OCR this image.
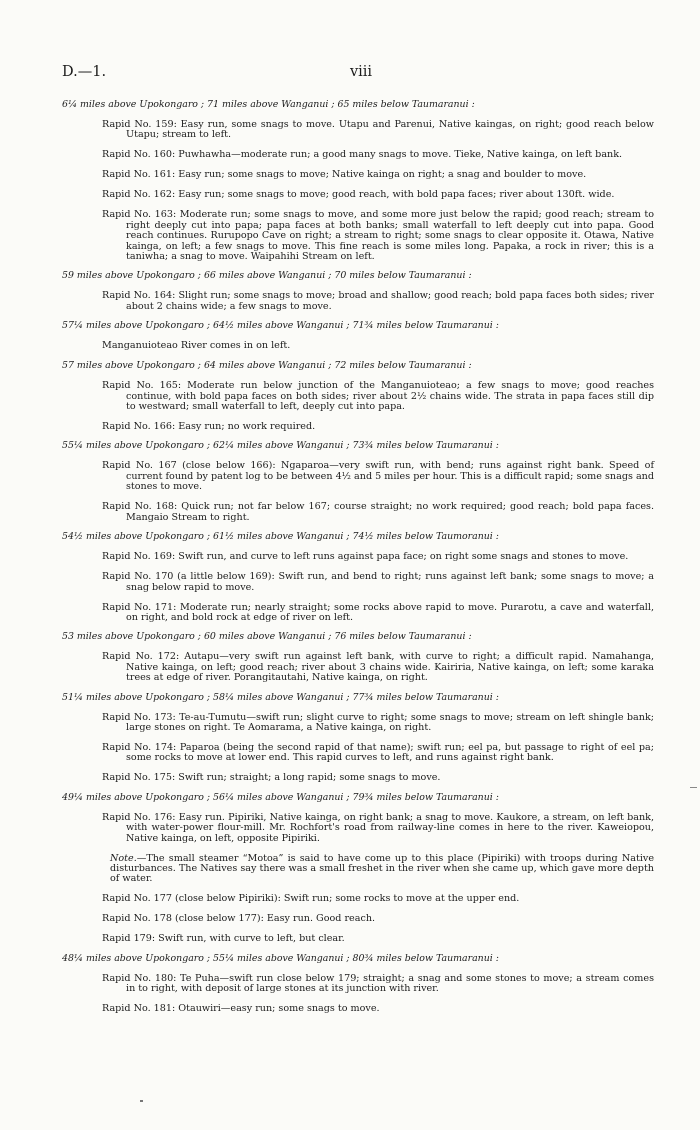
D.—1.	viii
6¼ miles above Upokongaro ; 71 miles above Wanganui ; 65 miles below Taumaranui :

Rapid No. 159: Easy run, some snags to move. Utapu and Parenui, Native kaingas, on right; good reach below Utapu; stream to left.

Rapid No. 160: Puwhawha—moderate run; a good many snags to move. Tieke, Native kainga, on left bank.

Rapid No. 161: Easy run; some snags to move; Native kainga on right; a snag and boulder to move.

Rapid No. 162: Easy run; some snags to move; good reach, with bold papa faces; river about 130ft. wide.

Rapid No. 163: Moderate run; some snags to move, and some more just below the rapid; good reach; stream to right deeply cut into papa; papa faces at both banks; small waterfall to left deeply cut into papa. Good reach continues. Rurupopo Cave on right; a stream to right; some snags to clear opposite it. Otawa, Native kainga, on left; a few snags to move. This fine reach is some miles long. Papaka, a rock in river; this is a taniwha; a snag to move. Waipahihi Stream on left.

59 miles above Upokongaro ; 66 miles above Wanganui ; 70 miles below Taumaranui :

Rapid No. 164: Slight run; some snags to move; broad and shallow; good reach; bold papa faces both sides; river about 2 chains wide; a few snags to move.

57¼ miles above Upokongaro ; 64½ miles above Wanganui ; 71¾ miles below Taumaranui :

Manganuioteao River comes in on left.

57 miles above Upokongaro ; 64 miles above Wanganui ; 72 miles below Taumaranui :

Rapid No. 165: Moderate run below junction of the Manganuioteao; a few snags to move; good reaches continue, with bold papa faces on both sides; river about 2½ chains wide. The strata in papa faces still dip to westward; small waterfall to left, deeply cut into papa.

Rapid No. 166: Easy run; no work required.

55¼ miles above Upokongaro ; 62¼ miles above Wanganui ; 73¾ miles below Taumaranui :

Rapid No. 167 (close below 166): Ngaparoa—very swift run, with bend; runs against right bank. Speed of current found by patent log to be between 4½ and 5 miles per hour. This is a difficult rapid; some snags and stones to move.

Rapid No. 168: Quick run; not far below 167; course straight; no work required; good reach; bold papa faces. Mangaio Stream to right.

54½ miles above Upokongaro ; 61½ miles above Wanganui ; 74½ miles below Taumoranui :

Rapid No. 169: Swift run, and curve to left runs against papa face; on right some snags and stones to move.

Rapid No. 170 (a little below 169): Swift run, and bend to right; runs against left bank; some snags to move; a snag below rapid to move.

Rapid No. 171: Moderate run; nearly straight; some rocks above rapid to move. Purarotu, a cave and waterfall, on right, and bold rock at edge of river on left.

53 miles above Upokongaro ; 60 miles above Wanganui ; 76 miles below Taumaranui :

Rapid No. 172: Autapu—very swift run against left bank, with curve to right; a difficult rapid. Namahanga, Native kainga, on left; good reach; river about 3 chains wide. Kairiria, Native kainga, on left; some karaka trees at edge of river. Porangitautahi, Native kainga, on right.

51¼ miles above Upokongaro ; 58¼ miles above Wanganui ; 77¾ miles below Taumaranui :

Rapid No. 173: Te-au-Tumutu—swift run; slight curve to right; some snags to move; stream on left shingle bank; large stones on right. Te Aomarama, a Native kainga, on right.

Rapid No. 174: Paparoa (being the second rapid of that name); swift run; eel pa, but passage to right of eel pa; some rocks to move at lower end. This rapid curves to left, and runs against right bank.

Rapid No. 175: Swift run; straight; a long rapid; some snags to move.

49¼ miles above Upokongaro ; 56¼ miles above Wanganui ; 79¾ miles below Taumaranui :

Rapid No. 176: Easy run. Pipiriki, Native kainga, on right bank; a snag to move. Kaukore, a stream, on left bank, with water-power flour-mill. Mr. Rochfort's road from railway-line comes in here to the river. Kaweiopou, Native kainga, on left, opposite Pipiriki.

Note.—The small steamer “Motoa” is said to have come up to this place (Pipiriki) with troops during Native disturbances. The Natives say there was a small freshet in the river when she came up, which gave more depth of water.

Rapid No. 177 (close below Pipiriki): Swift run; some rocks to move at the upper end.

Rapid No. 178 (close below 177): Easy run. Good reach.

Rapid 179: Swift run, with curve to left, but clear.

48¼ miles above Upokongaro ; 55¼ miles above Wanganui ; 80¾ miles below Taumaranui :

Rapid No. 180: Te Puha—swift run close below 179; straight; a snag and some stones to move; a stream comes in to right, with deposit of large stones at its junction with river.

Rapid No. 181: Otauwiri—easy run; some snags to move.
